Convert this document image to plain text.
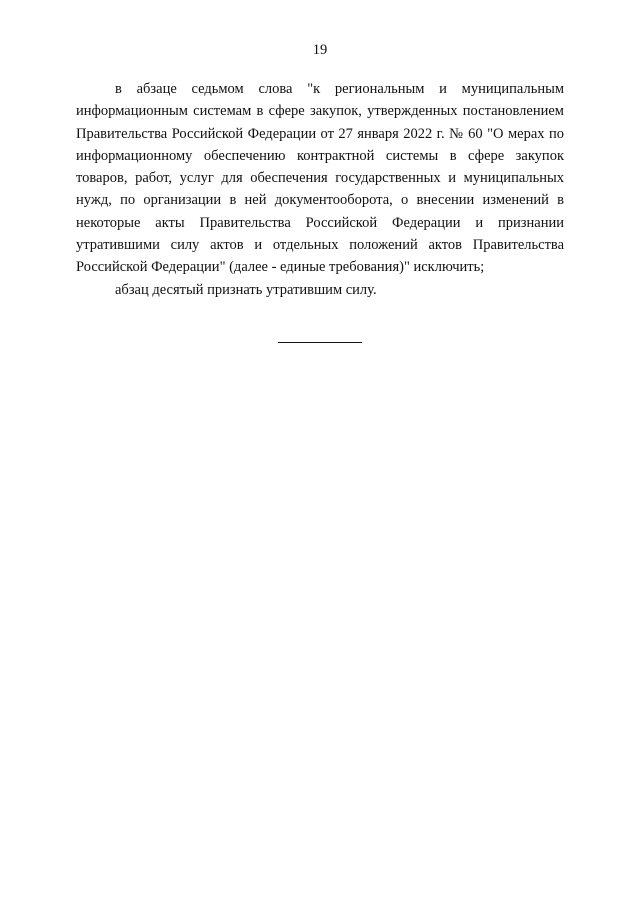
19

в абзаце седьмом слова "к региональным и муниципальным информационным системам в сфере закупок, утвержденных постановлением Правительства Российской Федерации от 27 января 2022 г. № 60 "О мерах по информационному обеспечению контрактной системы в сфере закупок товаров, работ, услуг для обеспечения государственных и муниципальных нужд, по организации в ней документооборота, о внесении изменений в некоторые акты Правительства Российской Федерации и признании утратившими силу актов и отдельных положений актов Правительства Российской Федерации" (далее - единые требования)" исключить;

абзац десятый признать утратившим силу.
